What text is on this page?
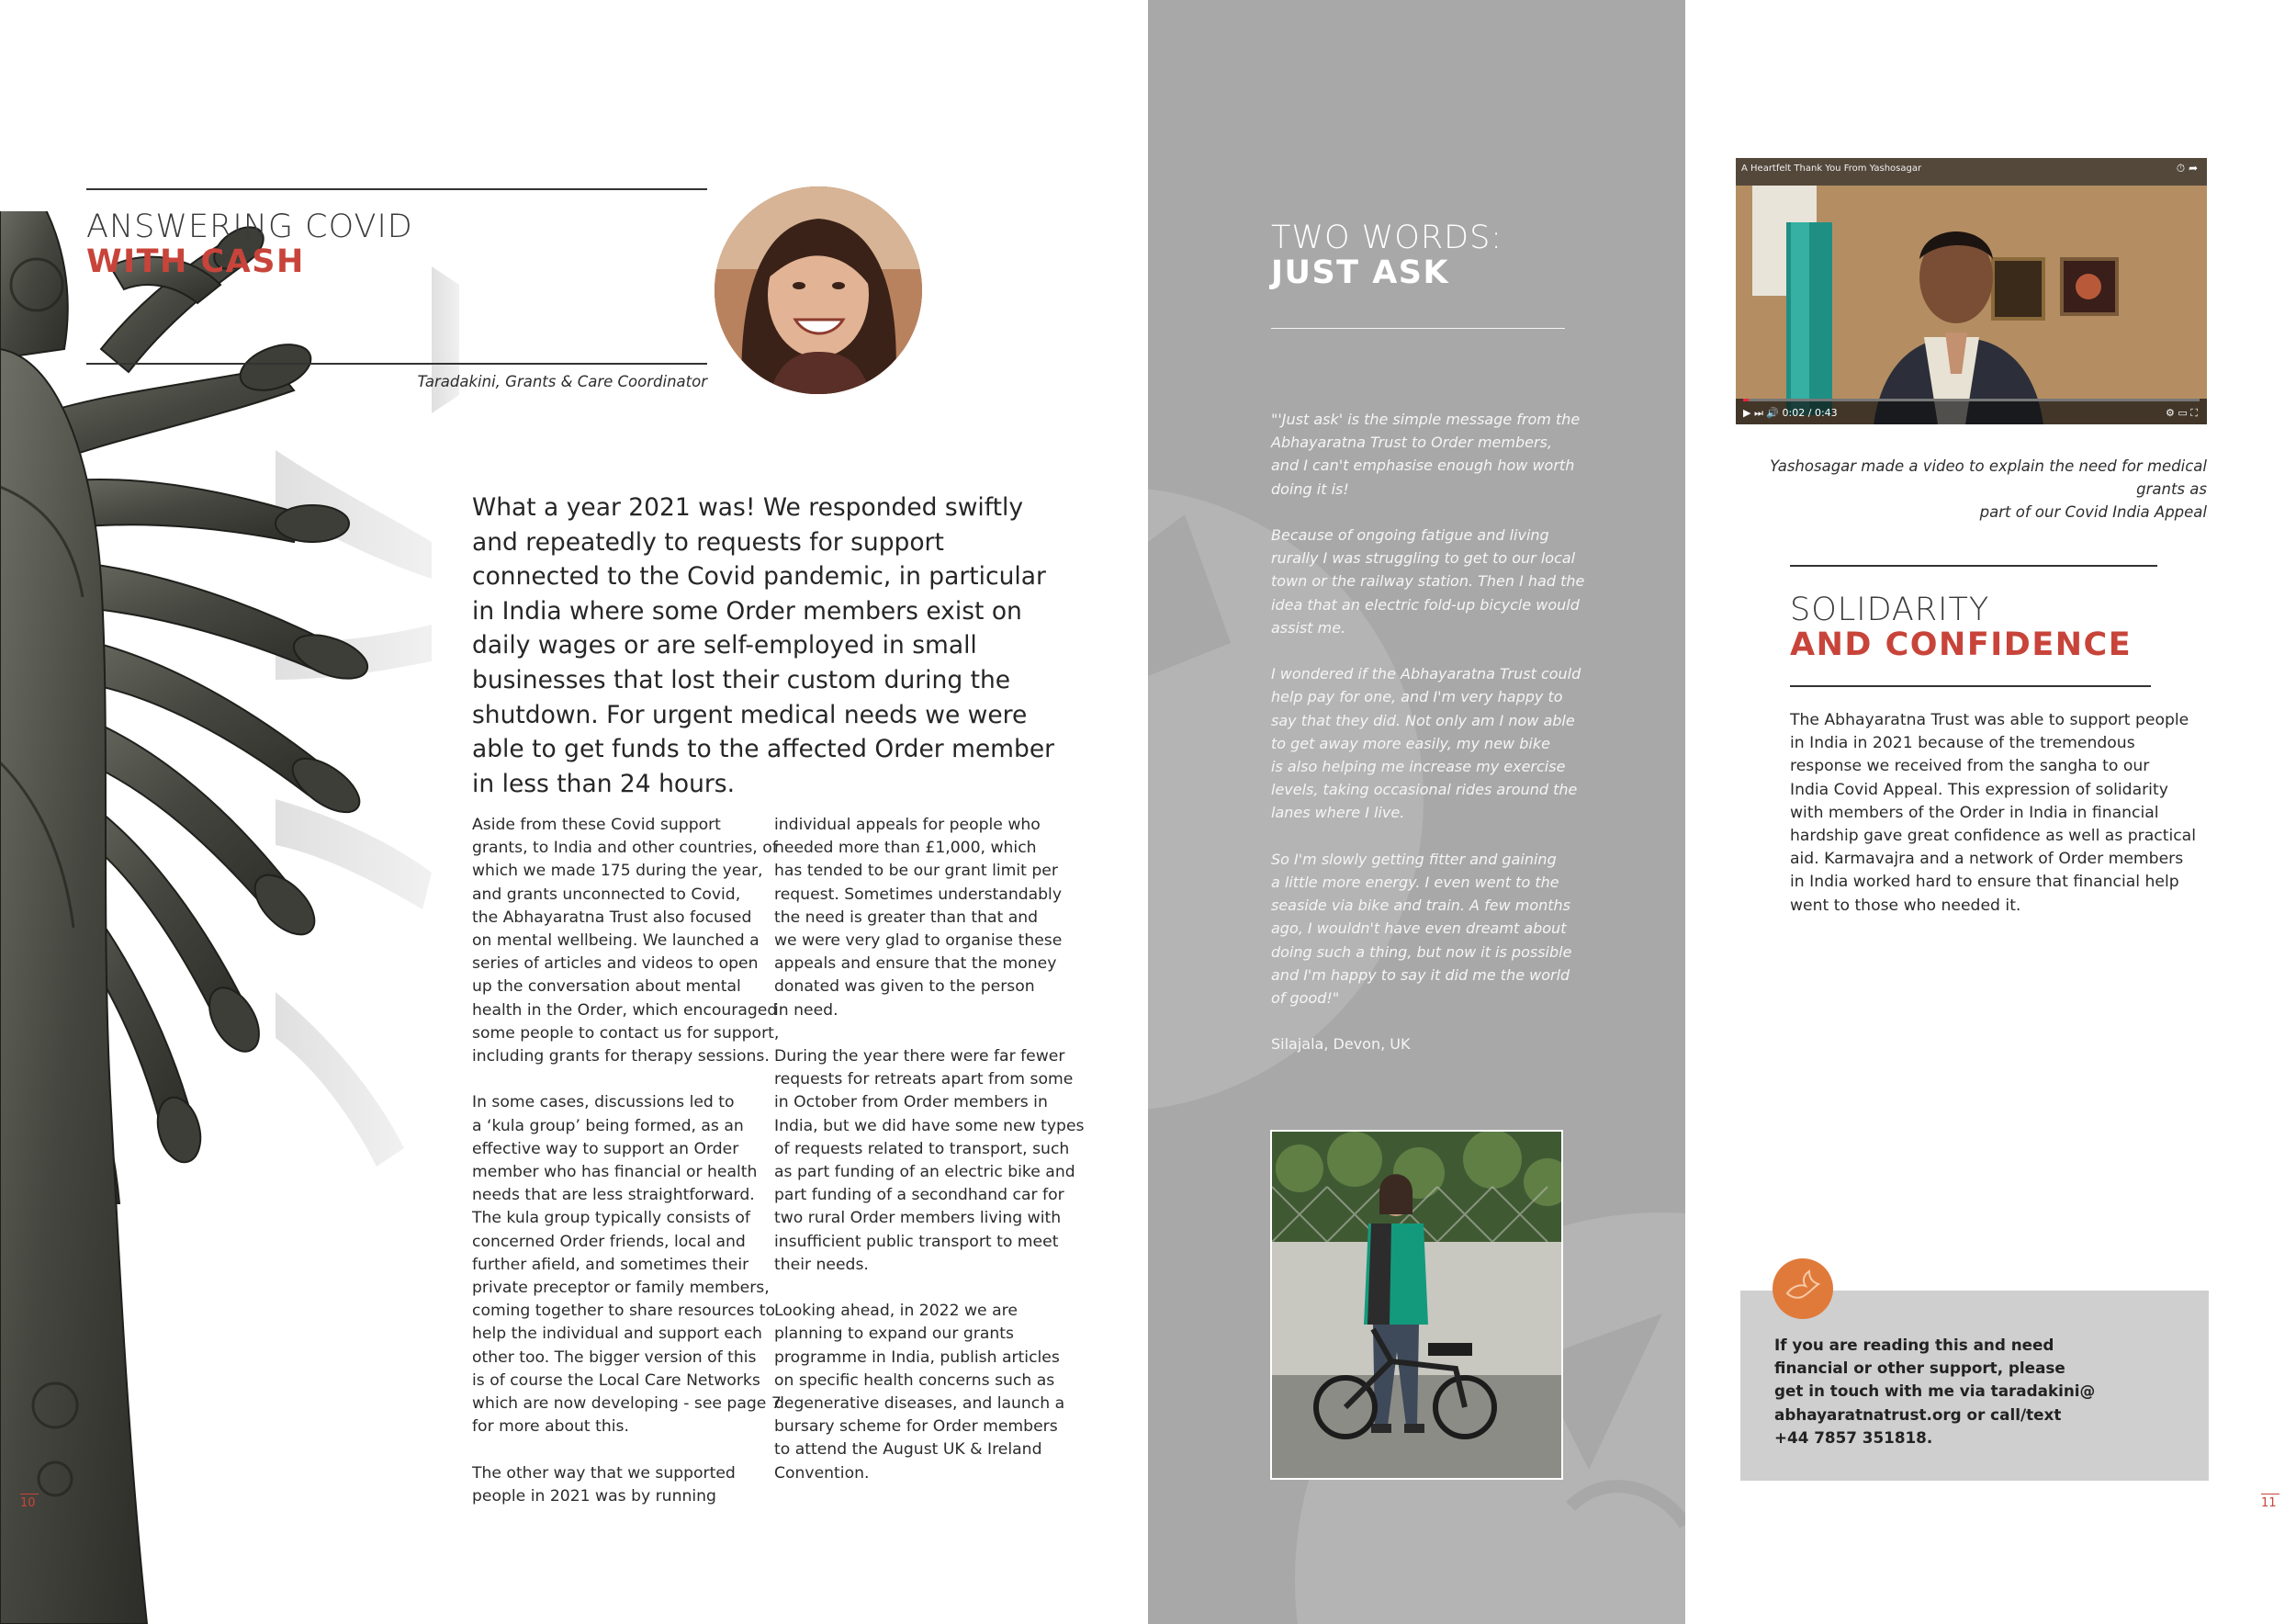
ANSWERING COVID
WITH CASH
Taradakini, Grants & Care Coordinator
What a year 2021 was! We responded swiftly and repeatedly to requests for support connected to the Covid pandemic, in particular in India where some Order members exist on daily wages or are self-employed in small businesses that lost their custom during the shutdown. For urgent medical needs we were able to get funds to the affected Order member in less than 24 hours.

Aside from these Covid support
grants, to India and other countries, of
which we made 175 during the year,
and grants unconnected to Covid,
the Abhayaratna Trust also focused
on mental wellbeing. We launched a
series of articles and videos to open
up the conversation about mental
health in the Order, which encouraged
some people to contact us for support,
including grants for therapy sessions.

In some cases, discussions led to
a ‘kula group’ being formed, as an
effective way to support an Order
member who has financial or health
needs that are less straightforward.
The kula group typically consists of
concerned Order friends, local and
further afield, and sometimes their
private preceptor or family members,
coming together to share resources to
help the individual and support each
other too. The bigger version of this
is of course the Local Care Networks
which are now developing - see page 7
for more about this.

The other way that we supported
people in 2021 was by running

individual appeals for people who
needed more than £1,000, which
has tended to be our grant limit per
request. Sometimes understandably
the need is greater than that and
we were very glad to organise these
appeals and ensure that the money
donated was given to the person
in need.

During the year there were far fewer
requests for retreats apart from some
in October from Order members in
India, but we did have some new types
of requests related to transport, such
as part funding of an electric bike and
part funding of a secondhand car for
two rural Order members living with
insufficient public transport to meet
their needs.

Looking ahead, in 2022 we are
planning to expand our grants
programme in India, publish articles
on specific health concerns such as
degenerative diseases, and launch a
bursary scheme for Order members
to attend the August UK & Ireland
Convention.

10
TWO WORDS:
JUST ASK

"'Just ask' is the simple message from the
Abhayaratna Trust to Order members,
and I can't emphasise enough how worth
doing it is!

Because of ongoing fatigue and living
rurally I was struggling to get to our local
town or the railway station. Then I had the
idea that an electric fold-up bicycle would
assist me.

I wondered if the Abhayaratna Trust could
help pay for one, and I'm very happy to
say that they did. Not only am I now able
to get away more easily, my new bike
is also helping me increase my exercise
levels, taking occasional rides around the
lanes where I live.

So I'm slowly getting fitter and gaining
a little more energy. I even went to the
seaside via bike and train. A few months
ago, I wouldn't have even dreamt about
doing such a thing, but now it is possible
and I'm happy to say it did me the world
of good!"

Silajala, Devon, UK
A Heartfelt Thank You From Yashosagar	⏱ ➦
▶ ⏭ 🔊 0:02 / 0:43	⚙ ▭ ⛶
Yashosagar made a video to explain the need for medical grants as
part of our Covid India Appeal
SOLIDARITY
AND CONFIDENCE
The Abhayaratna Trust was able to support people
in India in 2021 because of the tremendous
response we received from the sangha to our
India Covid Appeal. This expression of solidarity
with members of the Order in India in financial
hardship gave great confidence as well as practical
aid. Karmavajra and a network of Order members
in India worked hard to ensure that financial help
went to those who needed it.
If you are reading this and need
financial or other support, please
get in touch with me via taradakini@
abhayaratnatrust.org or call/text
+44 7857 351818.
11
